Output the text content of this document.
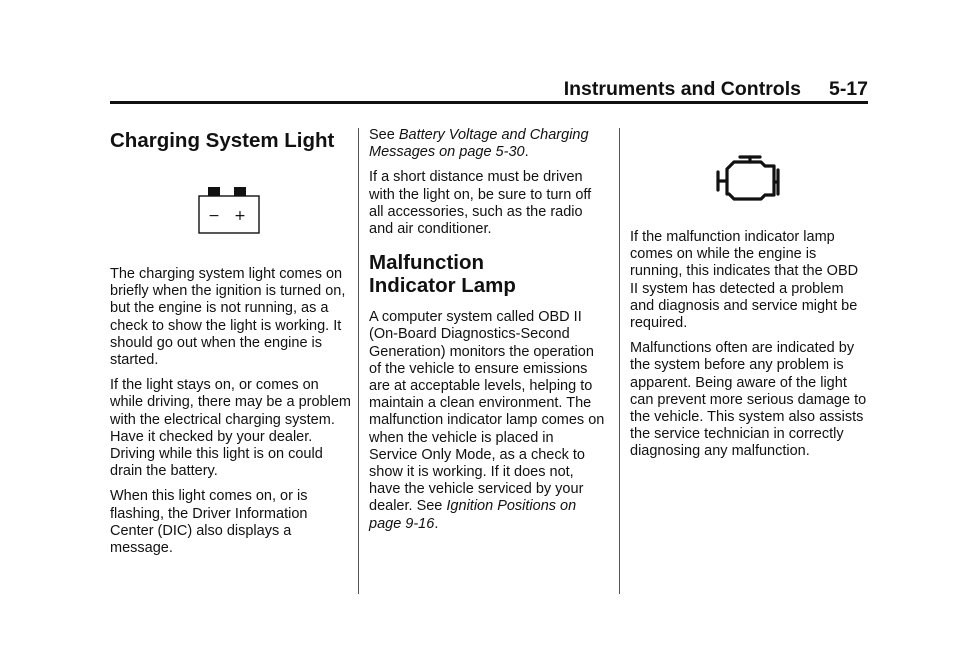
Instruments and Controls 5-17
Charging System Light
− +

The charging system light comes on briefly when the ignition is turned on, but the engine is not running, as a check to show the light is working. It should go out when the engine is started.

If the light stays on, or comes on while driving, there may be a problem with the electrical charging system. Have it checked by your dealer. Driving while this light is on could drain the battery.

When this light comes on, or is flashing, the Driver Information Center (DIC) also displays a message.

See Battery Voltage and Charging Messages on page 5-30.

If a short distance must be driven with the light on, be sure to turn off all accessories, such as the radio and air conditioner.

Malfunction
Indicator Lamp

A computer system called OBD II (On-Board Diagnostics-Second Generation) monitors the operation of the vehicle to ensure emissions are at acceptable levels, helping to maintain a clean environment. The malfunction indicator lamp comes on when the vehicle is placed in Service Only Mode, as a check to show it is working. If it does not, have the vehicle serviced by your dealer. See Ignition Positions on page 9-16.

If the malfunction indicator lamp comes on while the engine is running, this indicates that the OBD II system has detected a problem and diagnosis and service might be required.

Malfunctions often are indicated by the system before any problem is apparent. Being aware of the light can prevent more serious damage to the vehicle. This system also assists the service technician in correctly diagnosing any malfunction.
